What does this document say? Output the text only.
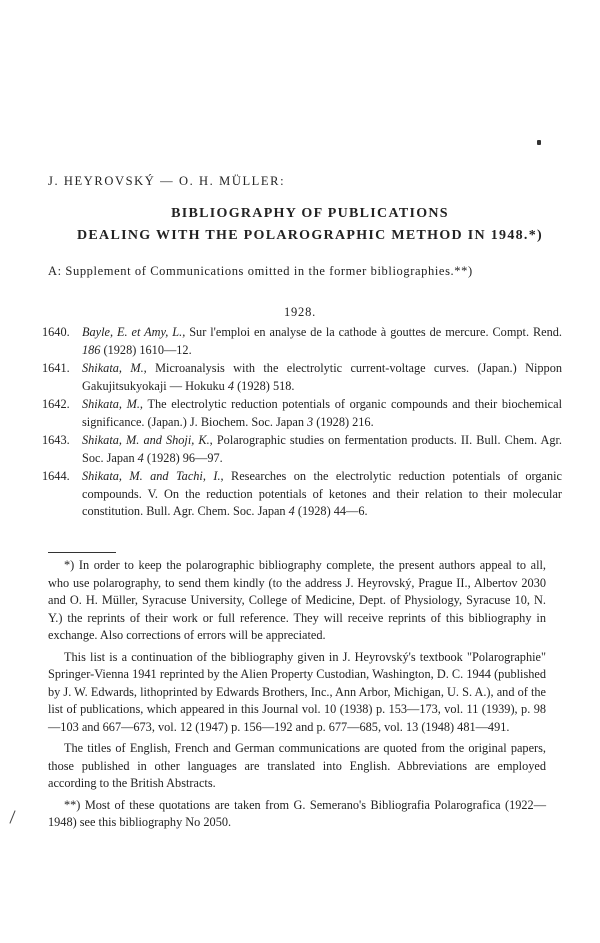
J. HEYROVSKÝ — O. H. MÜLLER:
BIBLIOGRAPHY OF PUBLICATIONS
DEALING WITH THE POLAROGRAPHIC METHOD IN 1948.*)
A: Supplement of Communications omitted in the former bibliographies.**)
1928.
1640.	Bayle, E. et Amy, L., Sur l'emploi en analyse de la cathode à gouttes de mercure. Compt. Rend. 186 (1928) 1610—12.
1641.	Shikata, M., Microanalysis with the electrolytic current-voltage curves. (Japan.) Nippon Gakujitsukyokaji — Hokuku 4 (1928) 518.
1642.	Shikata, M., The electrolytic reduction potentials of organic compounds and their biochemical significance. (Japan.) J. Biochem. Soc. Japan 3 (1928) 216.
1643.	Shikata, M. and Shoji, K., Polarographic studies on fermentation products. II. Bull. Chem. Agr. Soc. Japan 4 (1928) 96—97.
1644.	Shikata, M. and Tachi, I., Researches on the electrolytic reduction potentials of organic compounds. V. On the reduction potentials of ketones and their relation to their molecular constitution. Bull. Agr. Chem. Soc. Japan 4 (1928) 44—6.

*) In order to keep the polarographic bibliography complete, the present authors appeal to all, who use polarography, to send them kindly (to the address J. Heyrovský, Prague II., Albertov 2030 and O. H. Müller, Syracuse University, College of Medicine, Dept. of Physiology, Syracuse 10, N. Y.) the reprints of their work or full reference. They will receive reprints of this bibliography in exchange. Also corrections of errors will be appreciated.

This list is a continuation of the bibliography given in J. Heyrovský's textbook "Polarographie" Springer-Vienna 1941 reprinted by the Alien Property Custodian, Washington, D. C. 1944 (published by J. W. Edwards, lithoprinted by Edwards Brothers, Inc., Ann Arbor, Michigan, U. S. A.), and of the list of publications, which appeared in this Journal vol. 10 (1938) p. 153—173, vol. 11 (1939), p. 98—103 and 667—673, vol. 12 (1947) p. 156—192 and p. 677—685, vol. 13 (1948) 481—491.

The titles of English, French and German communications are quoted from the original papers, those published in other languages are translated into English. Abbreviations are employed according to the British Abstracts.

**) Most of these quotations are taken from G. Semerano's Bibliografia Polarografica (1922—1948) see this bibliography No 2050.
